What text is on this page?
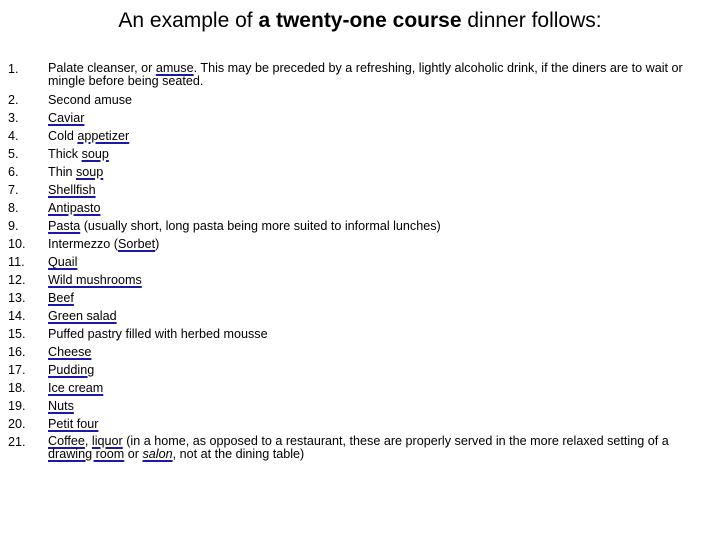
An example of a twenty-one course dinner follows:
1.	Palate cleanser, or amuse. This may be preceded by a refreshing, lightly alcoholic drink, if the diners are to wait or mingle before being seated.
2.	Second amuse
3.	Caviar
4.	Cold appetizer
5.	Thick soup
6.	Thin soup
7.	Shellfish
8.	Antipasto
9.	Pasta (usually short, long pasta being more suited to informal lunches)
10.	Intermezzo (Sorbet)
11.	Quail
12.	Wild mushrooms
13.	Beef
14.	Green salad
15.	Puffed pastry filled with herbed mousse
16.	Cheese
17.	Pudding
18.	Ice cream
19.	Nuts
20.	Petit four
21.	Coffee, liquor (in a home, as opposed to a restaurant, these are properly served in the more relaxed setting of a drawing room or salon, not at the dining table)
